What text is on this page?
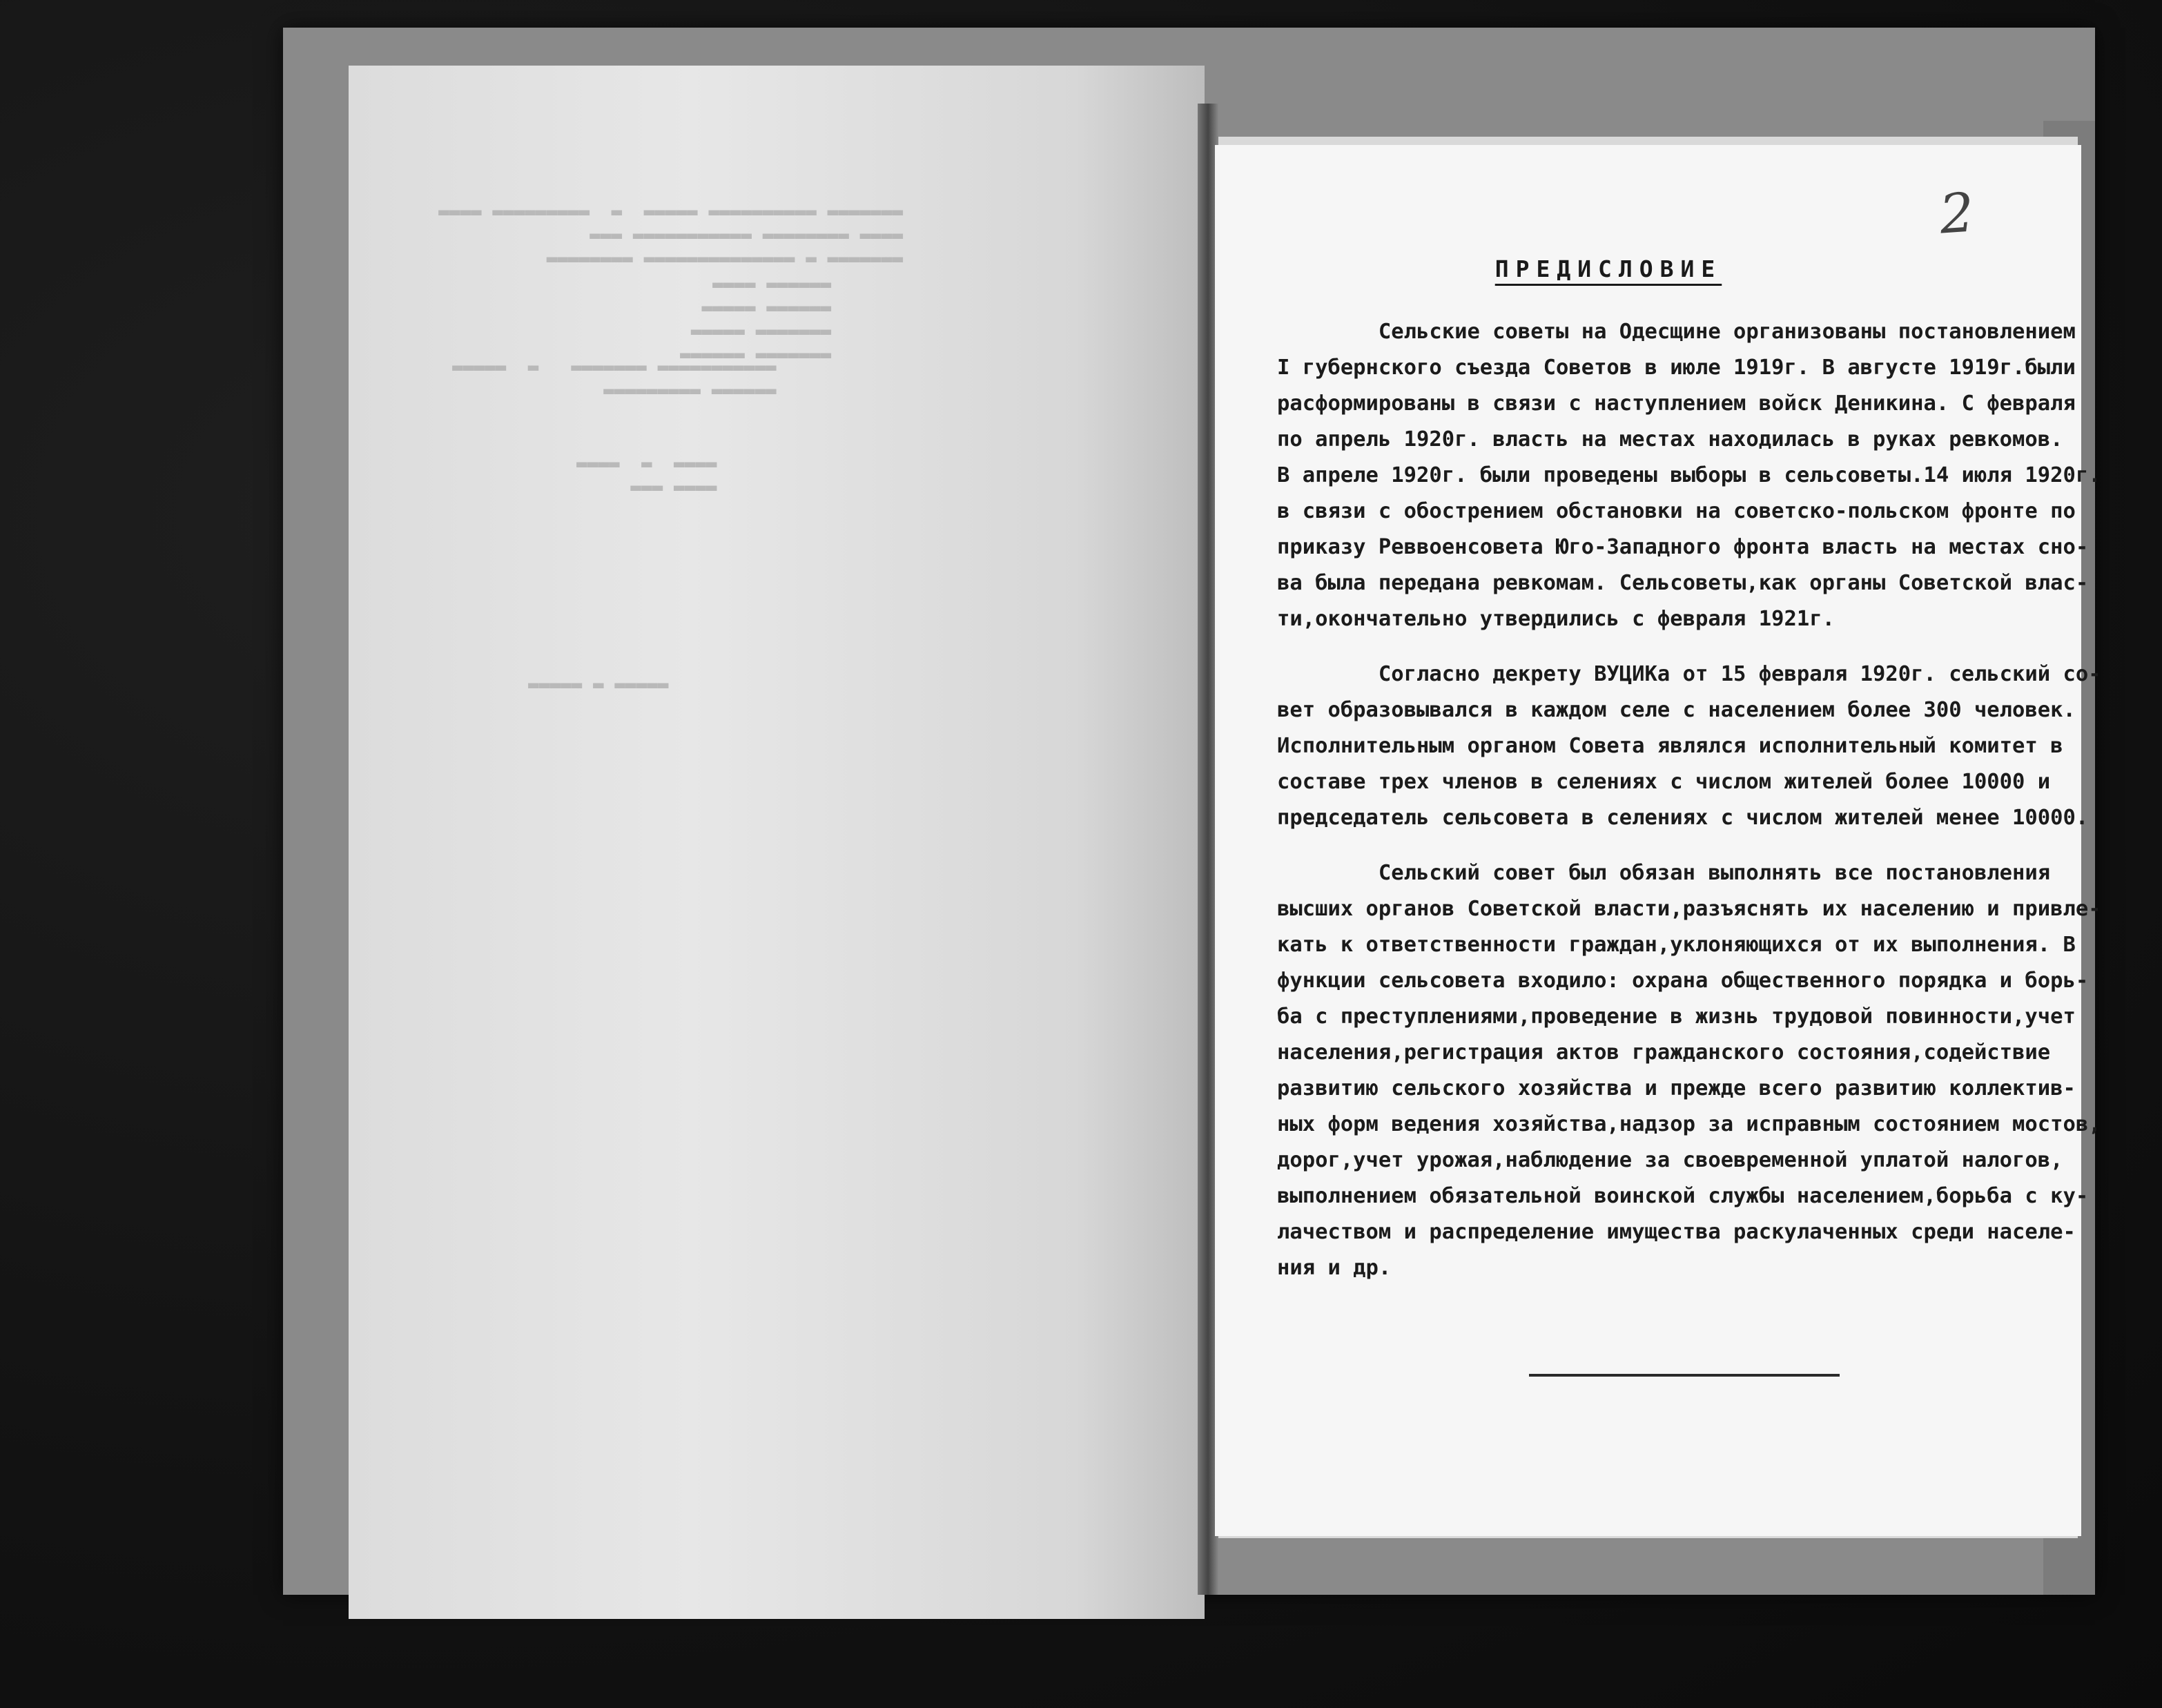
▬▬▬▬▬▬▬ ▬▬▬▬▬▬▬▬▬▬ ▬▬▬▬▬  ▬  ▬▬▬▬▬▬▬▬▬ ▬▬▬▬
▬▬▬▬ ▬▬▬▬▬▬▬▬ ▬▬▬▬▬▬▬▬▬▬▬ ▬▬▬
▬▬▬▬▬▬▬ ▬ ▬▬▬▬▬▬▬▬▬▬▬▬▬▬ ▬▬▬▬▬▬▬▬
▬▬▬▬▬▬ ▬▬▬▬
▬▬▬▬▬▬ ▬▬▬▬▬
▬▬▬▬▬▬▬ ▬▬▬▬▬
▬▬▬▬▬▬▬ ▬▬▬▬▬▬
▬▬▬▬▬▬▬▬▬▬▬ ▬▬▬▬▬▬▬   ▬  ▬▬▬▬▬
▬▬▬▬▬▬ ▬▬▬▬▬▬▬▬▬
▬▬▬▬  ▬  ▬▬▬▬
▬▬▬▬ ▬▬▬
▬▬▬▬▬ ▬ ▬▬▬▬▬
2
ПРЕДИСЛОВИЕ
Сельские советы на Одесщине организованы постановлением
I губернского съезда Советов в июле 1919г. В августе 1919г.были
расформированы в связи с наступлением войск Деникина. С февраля
по апрель 1920г. власть на местах находилась в руках ревкомов.
В апреле 1920г. были проведены выборы в сельсоветы.14 июля 1920г.
в связи с обострением обстановки на советско-польском фронте по
приказу Реввоенсовета Юго-Западного фронта власть на местах сно-
ва была передана ревкомам. Сельсоветы,как органы Советской влас-
ти,окончательно утвердились с февраля 1921г.
Согласно декрету ВУЦИКа от 15 февраля 1920г. сельский со-
вет образовывался в каждом селе с населением более 300 человек.
Исполнительным органом Совета являлся исполнительный комитет в
составе трех членов в селениях с числом жителей более 10000 и
председатель сельсовета в селениях с числом жителей менее 10000.
Сельский совет был обязан выполнять все постановления
высших органов Советской власти,разъяснять их населению и привле-
кать к ответственности граждан,уклоняющихся от их выполнения. В
функции сельсовета входило: охрана общественного порядка и борь-
ба с преступлениями,проведение в жизнь трудовой повинности,учет
населения,регистрация актов гражданского состояния,содействие
развитию сельского хозяйства и прежде всего развитию коллектив-
ных форм ведения хозяйства,надзор за исправным состоянием мостов,
дорог,учет урожая,наблюдение за своевременной уплатой налогов,
выполнением обязательной воинской службы населением,борьба с ку-
лачеством и распределение имущества раскулаченных среди населе-
ния и др.
